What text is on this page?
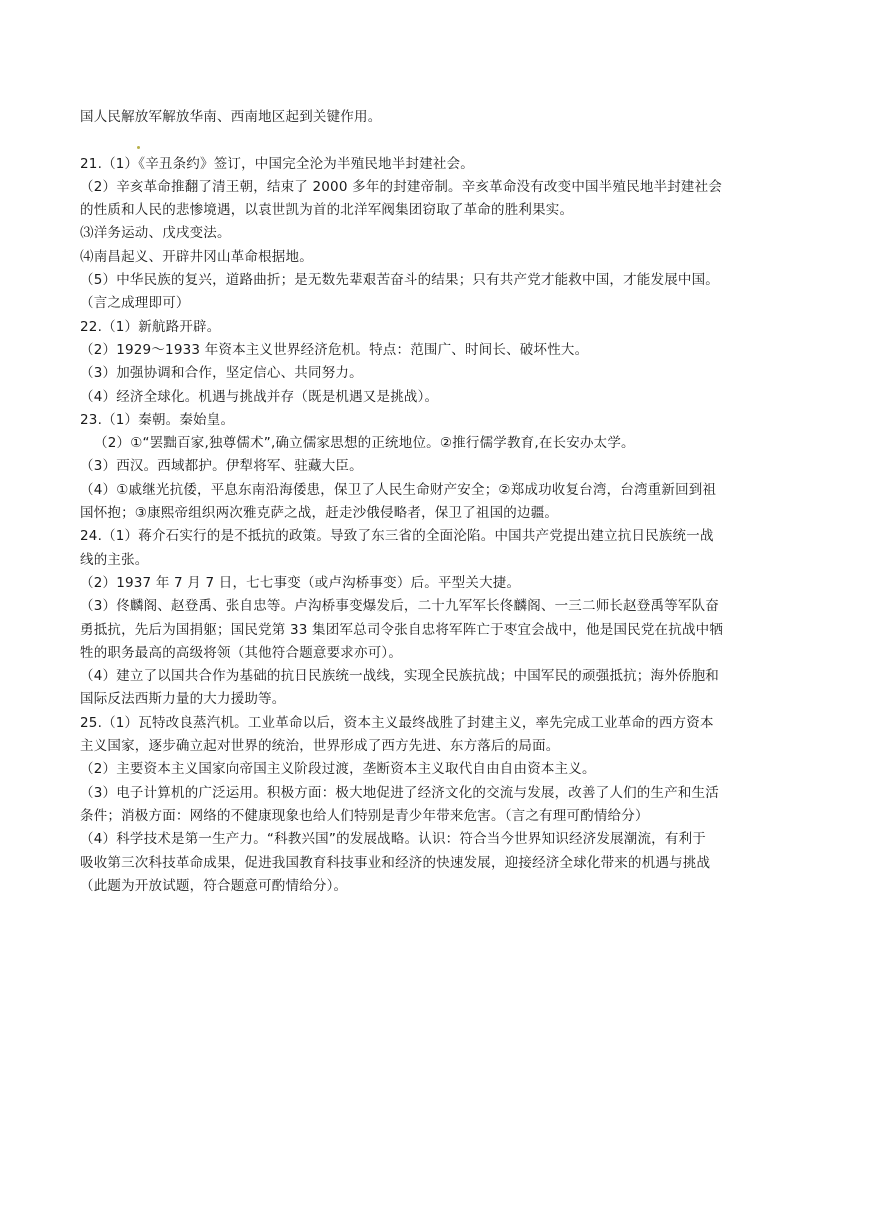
国人民解放军解放华南、西南地区起到关键作用。
21.（1）《辛丑条约》签订，中国完全沦为半殖民地半封建社会。
（2）辛亥革命推翻了清王朝，结束了 2000 多年的封建帝制。辛亥革命没有改变中国半殖民地半封建社会
的性质和人民的悲惨境遇，以袁世凯为首的北洋军阀集团窃取了革命的胜利果实。
⑶洋务运动、戊戌变法。
⑷南昌起义、开辟井冈山革命根据地。
（5）中华民族的复兴，道路曲折；是无数先辈艰苦奋斗的结果；只有共产党才能救中国，才能发展中国。
（言之成理即可）
22.（1）新航路开辟。
（2）1929～1933 年资本主义世界经济危机。特点：范围广、时间长、破坏性大。
（3）加强协调和合作，坚定信心、共同努力。
（4）经济全球化。机遇与挑战并存（既是机遇又是挑战）。
23.（1）秦朝。秦始皇。
（2）①“罢黜百家,独尊儒术”,确立儒家思想的正统地位。②推行儒学教育,在长安办太学。
（3）西汉。西域都护。伊犁将军、驻藏大臣。
（4）①戚继光抗倭，平息东南沿海倭患，保卫了人民生命财产安全；②郑成功收复台湾，台湾重新回到祖
国怀抱；③康熙帝组织两次雅克萨之战，赶走沙俄侵略者，保卫了祖国的边疆。
24.（1）蒋介石实行的是不抵抗的政策。导致了东三省的全面沦陷。中国共产党提出建立抗日民族统一战
线的主张。
（2）1937 年 7 月 7 日，七七事变（或卢沟桥事变）后。平型关大捷。
（3）佟麟阁、赵登禹、张自忠等。卢沟桥事变爆发后，二十九军军长佟麟阁、一三二师长赵登禹等军队奋
勇抵抗，先后为国捐躯；国民党第 33 集团军总司令张自忠将军阵亡于枣宜会战中，他是国民党在抗战中牺
牲的职务最高的高级将领（其他符合题意要求亦可）。
（4）建立了以国共合作为基础的抗日民族统一战线，实现全民族抗战；中国军民的顽强抵抗；海外侨胞和
国际反法西斯力量的大力援助等。
25.（1）瓦特改良蒸汽机。工业革命以后，资本主义最终战胜了封建主义，率先完成工业革命的西方资本
主义国家，逐步确立起对世界的统治，世界形成了西方先进、东方落后的局面。
（2）主要资本主义国家向帝国主义阶段过渡，垄断资本主义取代自由自由资本主义。
（3）电子计算机的广泛运用。积极方面：极大地促进了经济文化的交流与发展，改善了人们的生产和生活
条件；消极方面：网络的不健康现象也给人们特别是青少年带来危害。（言之有理可酌情给分）
（4）科学技术是第一生产力。“科教兴国”的发展战略。认识：符合当今世界知识经济发展潮流，有利于
吸收第三次科技革命成果，促进我国教育科技事业和经济的快速发展，迎接经济全球化带来的机遇与挑战
（此题为开放试题，符合题意可酌情给分）。
